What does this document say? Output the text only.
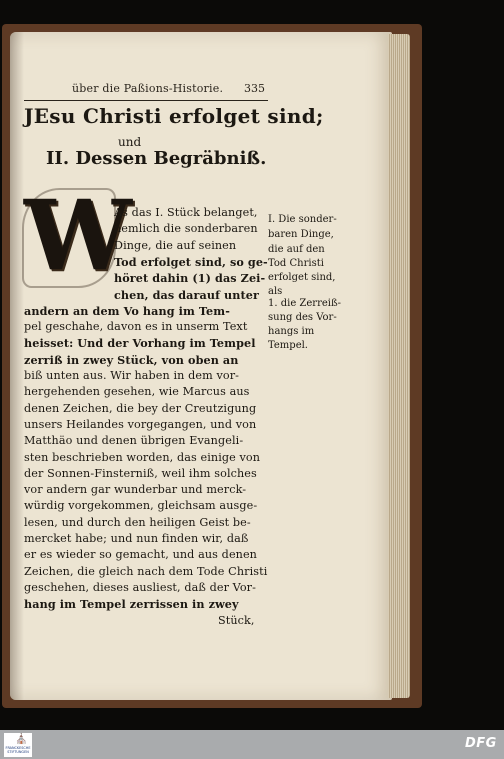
über die Paßions-Historie. 335
JEsu Christi erfolget sind;
und
II. Dessen Begräbniß.
W
As das I. Stück belanget,
nemlich die sonderbaren
Dinge, die auf seinen
Tod erfolget sind, so ge-
höret dahin (1) das Zei-
chen, das darauf unter
andern an dem Vo hang im Tem-
pel geschahe, davon es in unserm Text
heisset: Und der Vorhang im Tempel
zerriß in zwey Stück, von oben an
biß unten aus. Wir haben in dem vor-
hergehenden gesehen, wie Marcus aus
denen Zeichen, die bey der Creutzigung
unsers Heilandes vorgegangen, und von
Matthäo und denen übrigen Evangeli-
sten beschrieben worden, das einige von
der Sonnen-Finsterniß, weil ihm solches
vor andern gar wunderbar und merck-
würdig vorgekommen, gleichsam ausge-
lesen, und durch den heiligen Geist be-
mercket habe; und nun finden wir, daß
er es wieder so gemacht, und aus denen
Zeichen, die gleich nach dem Tode Christi
geschehen, dieses ausliest, daß der Vor-
hang im Tempel zerrissen in zwey
Stück,
I. Die sonder-
baren Dinge,
die auf den
Tod Christi
erfolget sind,
als
1. die Zerreiß-
sung des Vor-
hangs im
Tempel.
⛪
FRANCKESCHE STIFTUNGEN
DFG
